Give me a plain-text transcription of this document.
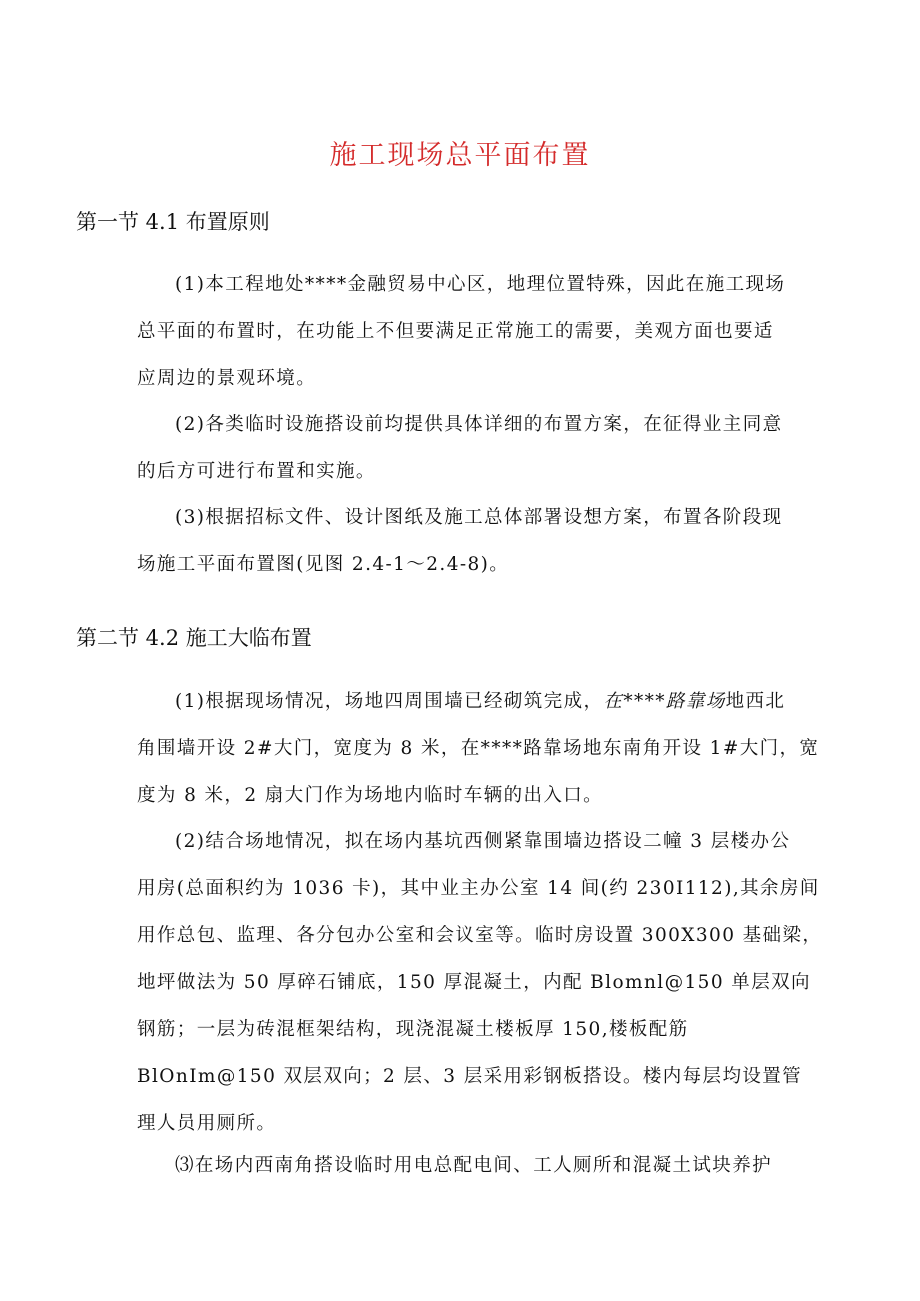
施工现场总平面布置
第一节 4.1 布置原则

(1)本工程地处****金融贸易中心区，地理位置特殊，因此在施工现场
总平面的布置时，在功能上不但要满足正常施工的需要，美观方面也要适
应周边的景观环境。

(2)各类临时设施搭设前均提供具体详细的布置方案，在征得业主同意
的后方可进行布置和实施。

(3)根据招标文件、设计图纸及施工总体部署设想方案，布置各阶段现
场施工平面布置图(见图 2.4-1～2.4-8)。

第二节 4.2 施工大临布置

(1)根据现场情况，场地四周围墙已经砌筑完成，在****路靠场地西北
角围墙开设 2#大门，宽度为 8 米，在****路靠场地东南角开设 1#大门，宽
度为 8 米，2 扇大门作为场地内临时车辆的出入口。

(2)结合场地情况，拟在场内基坑西侧紧靠围墙边搭设二幢 3 层楼办公
用房(总面积约为 1036 卡)，其中业主办公室 14 间(约 230I112),其余房间
用作总包、监理、各分包办公室和会议室等。临时房设置 300X300 基础梁，
地坪做法为 50 厚碎石铺底，150 厚混凝土，内配 Blomnl@150 单层双向
钢筋；一层为砖混框架结构，现浇混凝土楼板厚 150,楼板配筋
BlOnIm@150 双层双向；2 层、3 层采用彩钢板搭设。楼内每层均设置管
理人员用厕所。

⑶在场内西南角搭设临时用电总配电间、工人厕所和混凝土试块养护
